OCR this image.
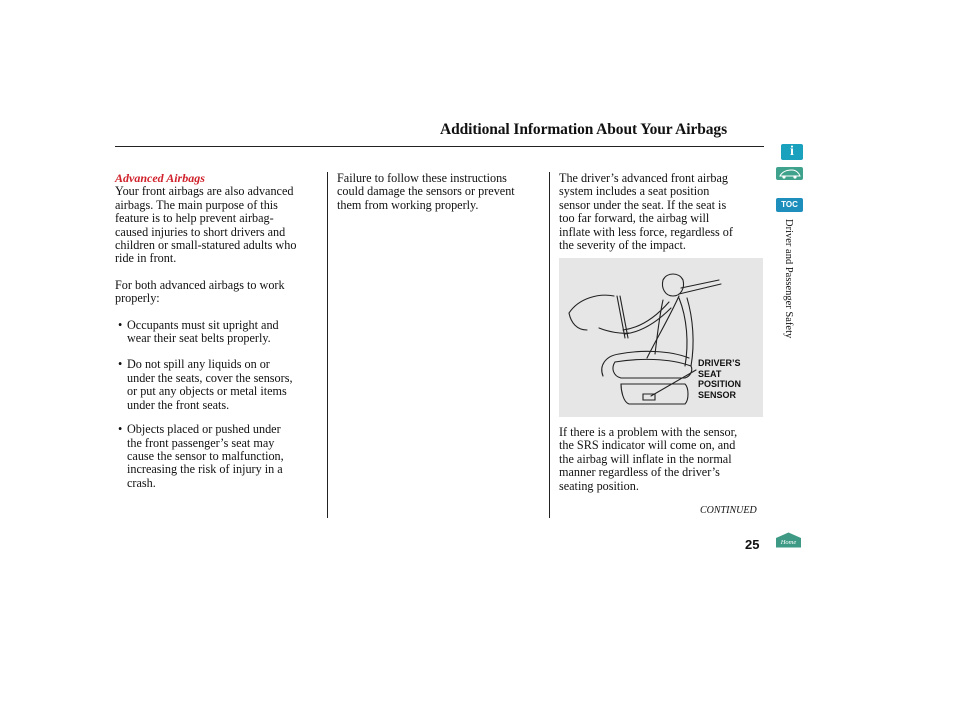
Additional Information About Your Airbags

Advanced Airbags

Your front airbags are also advanced
airbags. The main purpose of this
feature is to help prevent airbag-
caused injuries to short drivers and
children or small-statured adults who
ride in front.

For both advanced airbags to work
properly:

• Occupants must sit upright and
wear their seat belts properly.
• Do not spill any liquids on or
under the seats, cover the sensors,
or put any objects or metal items
under the front seats.
• Objects placed or pushed under
the front passenger’s seat may
cause the sensor to malfunction,
increasing the risk of injury in a
crash.

Failure to follow these instructions
could damage the sensors or prevent
them from working properly.

The driver’s advanced front airbag
system includes a seat position
sensor under the seat. If the seat is
too far forward, the airbag will
inflate with less force, regardless of
the severity of the impact.

DRIVER’S
SEAT
POSITION
SENSOR

If there is a problem with the sensor,
the SRS indicator will come on, and
the airbag will inflate in the normal
manner regardless of the driver’s
seating position.

CONTINUED
25
i
TOC
Driver and Passenger Safety
Home
